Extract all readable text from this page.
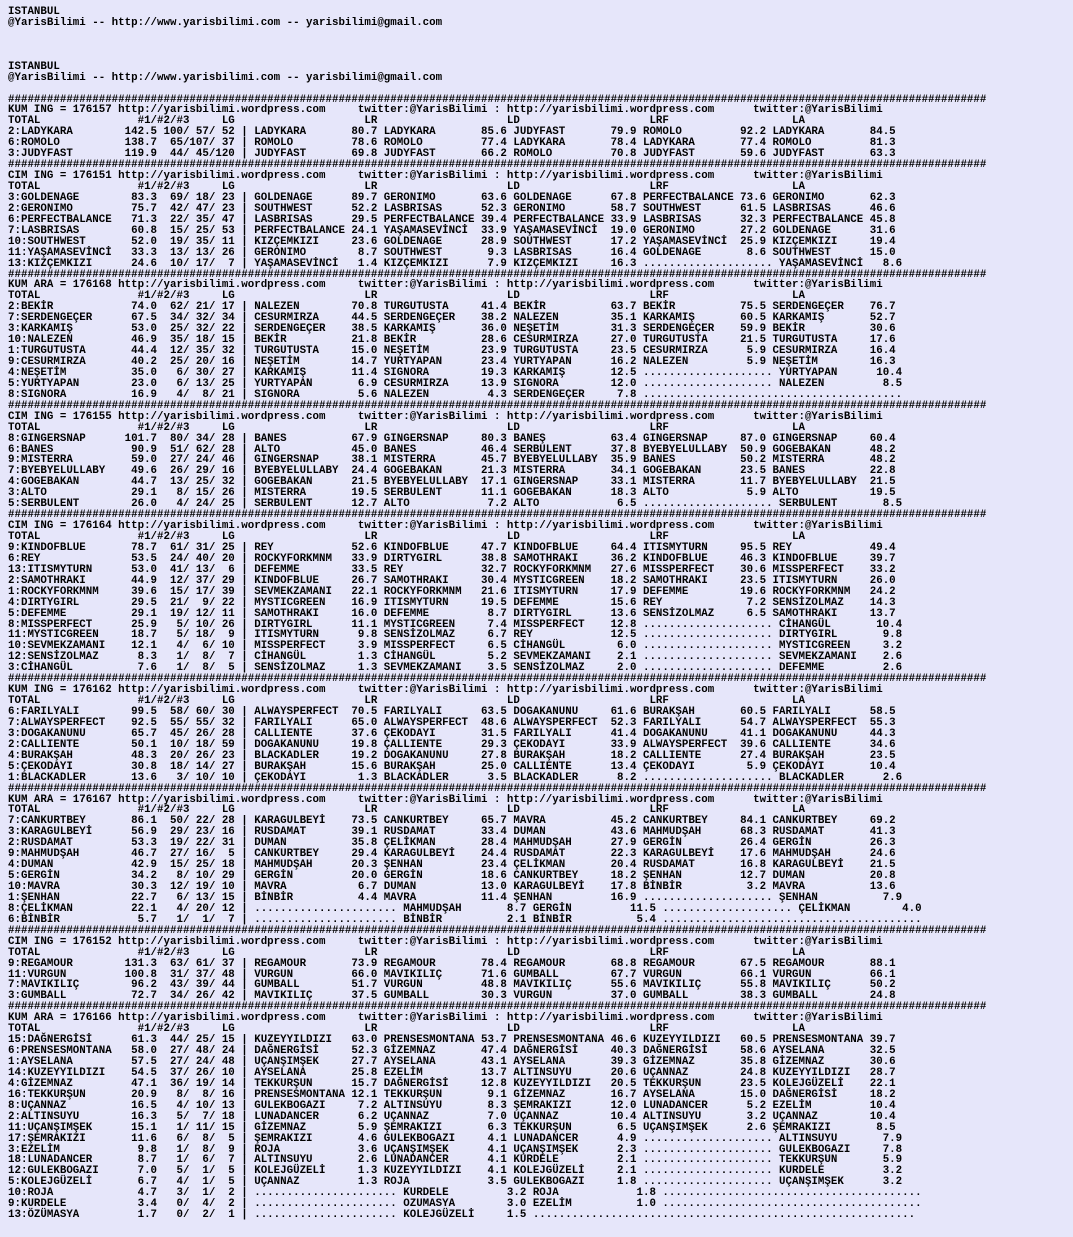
ISTANBUL
@YarisBilimi -- http://www.yarisbilimi.com -- yarisbilimi@gmail.com

ISTANBUL
@YarisBilimi -- http://www.yarisbilimi.com -- yarisbilimi@gmail.com

#######################################################################################################################################################
KUM ING = 176157 http://yarisbilimi.wordpress.com     twitter:@YarisBilimi : http://yarisbilimi.wordpress.com      twitter:@YarisBilimi
TOTAL               #1/#2/#3     LG                    LR                    LD                    LRF                   LA
2:LADYKARA        142.5 100/ 57/ 52 | LADYKARA       80.7 LADYKARA       85.6 JUDYFAST       79.9 ROMOLO         92.2 LADYKARA       84.5
6:ROMOLO          138.7  65/107/ 37 | ROMOLO         78.6 ROMOLO         77.4 LADYKARA       78.4 LADYKARA       77.4 ROMOLO         81.3
3:JUDYFAST        119.9  44/ 45/120 | JUDYFAST       69.8 JUDYFAST       66.2 ROMOLO         70.8 JUDYFAST       59.6 JUDYFAST       63.3
#######################################################################################################################################################
CIM ING = 176151 http://yarisbilimi.wordpress.com     twitter:@YarisBilimi : http://yarisbilimi.wordpress.com      twitter:@YarisBilimi
TOTAL               #1/#2/#3     LG                    LR                    LD                    LRF                   LA
3:GOLDENAGE        83.3  69/ 18/ 23 | GOLDENAGE      89.7 GERONIMO       63.6 GOLDENAGE      67.8 PERFECTBALANCE 73.6 GERONIMO       62.3
2:GERONIMO         75.7  42/ 47/ 23 | SOUTHWEST      52.2 LASBRISAS      52.3 GERONIMO       58.7 SOUTHWEST      61.5 LASBRISAS      46.6
6:PERFECTBALANCE   71.3  22/ 35/ 47 | LASBRISAS      29.5 PERFECTBALANCE 39.4 PERFECTBALANCE 33.9 LASBRISAS      32.3 PERFECTBALANCE 45.8
7:LASBRISAS        60.8  15/ 25/ 53 | PERFECTBALANCE 24.1 YAŞAMASEVİNCİ  33.9 YAŞAMASEVİNCİ  19.0 GERONIMO       27.2 GOLDENAGE      31.6
10:SOUTHWEST       52.0  19/ 35/ 11 | KIZÇEMKIZI     23.6 GOLDENAGE      28.9 SOUTHWEST      17.2 YAŞAMASEVİNCİ  25.9 KIZÇEMKIZI     19.4
11:YAŞAMASEVİNCİ   33.3  13/ 13/ 26 | GERONIMO        8.7 SOUTHWEST       9.3 LASBRISAS      16.4 GOLDENAGE       8.6 SOUTHWEST      15.0
13:KIZÇEMKIZI      24.6  10/ 17/  7 | YAŞAMASEVİNCİ   1.4 KIZÇEMKIZI      7.9 KIZÇEMKIZI     16.3 .................... YAŞAMASEVİNCİ   8.6
#######################################################################################################################################################
KUM ARA = 176168 http://yarisbilimi.wordpress.com     twitter:@YarisBilimi : http://yarisbilimi.wordpress.com      twitter:@YarisBilimi
TOTAL               #1/#2/#3     LG                    LR                    LD                    LRF                   LA
2:BEKİR            74.0  62/ 21/ 17 | NALEZEN        70.8 TURGUTUSTA     41.4 BEKİR          63.7 BEKİR          75.5 SERDENGEÇER    76.7
7:SERDENGEÇER      67.5  34/ 32/ 34 | CESURMIRZA     44.5 SERDENGEÇER    38.2 NALEZEN        35.1 KARKAMIŞ       60.5 KARKAMIŞ       52.7
3:KARKAMIŞ         53.0  25/ 32/ 22 | SERDENGEÇER    38.5 KARKAMIŞ       36.0 NEŞETİM        31.3 SERDENGEÇER    59.9 BEKİR          30.6
10:NALEZEN         46.9  35/ 18/ 15 | BEKİR          21.8 BEKİR          28.6 CESURMIRZA     27.0 TURGUTUSTA     21.5 TURGUTUSTA     17.6
1:TURGUTUSTA       44.4  12/ 35/ 32 | TURGUTUSTA     15.0 NEŞETİM        23.9 TURGUTUSTA     23.5 CESURMIRZA      5.9 CESURMIRZA     16.4
9:CESURMIRZA       40.2  25/ 20/ 16 | NEŞETİM        14.7 YURTYAPAN      23.4 YURTYAPAN      16.2 NALEZEN         5.9 NEŞETİM        16.3
4:NEŞETİM          35.0   6/ 30/ 27 | KARKAMIŞ       11.4 SIGNORA        19.3 KARKAMIŞ       12.5 .................... YURTYAPAN      10.4
5:YURTYAPAN        23.0   6/ 13/ 25 | YURTYAPAN       6.9 CESURMIRZA     13.9 SIGNORA        12.0 .................... NALEZEN         8.5
8:SIGNORA          16.9   4/  8/ 21 | SIGNORA         5.6 NALEZEN         4.3 SERDENGEÇER     7.8 ........................................
#######################################################################################################################################################
CIM ING = 176155 http://yarisbilimi.wordpress.com     twitter:@YarisBilimi : http://yarisbilimi.wordpress.com      twitter:@YarisBilimi
TOTAL               #1/#2/#3     LG                    LR                    LD                    LRF                   LA
8:GINGERSNAP      101.7  80/ 34/ 28 | BANES          67.9 GINGERSNAP     80.3 BANEŞ          63.4 GINGERSNAP     87.0 GINGERSNAP     60.4
6:BANES            90.9  51/ 62/ 28 | ALTO           45.0 BANES          46.4 SERBULENT      37.8 BYEBYELULLABY  50.9 GOGEBAKAN      48.2
9:MISTERRA         59.0  27/ 24/ 46 | GINGERSNAP     38.1 MISTERRA       45.7 BYEBYELULLABY  35.9 BANES          50.2 MISTERRA       48.2
7:BYEBYELULLABY    49.6  26/ 29/ 16 | BYEBYELULLABY  24.4 GOGEBAKAN      21.3 MISTERRA       34.1 GOGEBAKAN      23.5 BANES          22.8
4:GOGEBAKAN        44.7  13/ 25/ 32 | GOGEBAKAN      21.5 BYEBYELULLABY  17.1 GINGERSNAP     33.1 MISTERRA       11.7 BYEBYELULLABY  21.5
3:ALTO             29.1   8/ 15/ 26 | MISTERRA       19.5 SERBULENT      11.1 GOGEBAKAN      18.3 ALTO            5.9 ALTO           19.5
5:SERBULENT        26.0   4/ 24/ 25 | SERBULENT      12.7 ALTO            7.2 ALTO            6.5 .................... SERBULENT       8.5
#######################################################################################################################################################
CIM ING = 176164 http://yarisbilimi.wordpress.com     twitter:@YarisBilimi : http://yarisbilimi.wordpress.com      twitter:@YarisBilimi
TOTAL               #1/#2/#3     LG                    LR                    LD                    LRF                   LA
9:KINDOFBLUE       78.7  61/ 31/ 25 | REY            52.6 KINDOFBLUE     47.7 KINDOFBLUE     64.4 ITISMYTURN     95.5 REY            49.4
6:REY              53.5  24/ 40/ 20 | ROCKYFORKMNM   33.9 DIRTYGIRL      38.8 SAMOTHRAKI     36.2 KINDOFBLUE     46.3 KINDOFBLUE     39.7
13:ITISMYTURN      53.0  41/ 13/  6 | DEFEMME        33.5 REY            32.7 ROCKYFORKMNM   27.6 MISSPERFECT    30.6 MISSPERFECT    33.2
2:SAMOTHRAKI       44.9  12/ 37/ 29 | KINDOFBLUE     26.7 SAMOTHRAKI     30.4 MYSTICGREEN    18.2 SAMOTHRAKI     23.5 ITISMYTURN     26.0
1:ROCKYFORKMNM     39.6  15/ 17/ 39 | SEVMEKZAMANI   22.1 ROCKYFORKMNM   21.6 ITISMYTURN     17.9 DEFEMME        19.6 ROCKYFORKMNM   24.2
4:DIRTYGIRL        29.5  21/  9/ 22 | MYSTICGREEN    16.9 ITISMYTURN     19.5 DEFEMME        15.6 REY             7.2 SENSİZOLMAZ    14.3
5:DEFEMME          29.1  19/ 12/ 11 | SAMOTHRAKI     16.0 DEFEMME         8.7 DIRTYGIRL      13.6 SENSİZOLMAZ     6.5 SAMOTHRAKI     13.7
8:MISSPERFECT      25.9   5/ 10/ 26 | DIRTYGIRL      11.1 MYSTICGREEN     7.4 MISSPERFECT    12.8 .................... CİHANGÜL       10.4
11:MYSTICGREEN     18.7   5/ 18/  9 | ITISMYTURN      9.8 SENSİZOLMAZ     6.7 REY            12.5 .................... DIRTYGIRL       9.8
10:SEVMEKZAMANI    12.1   4/  6/ 10 | MISSPERFECT     3.9 MISSPERFECT     6.5 CİHANGÜL        6.0 .................... MYSTICGREEN     3.2
12:SENSİZOLMAZ      8.3   1/  8/  7 | CİHANGÜL        1.3 CİHANGÜL        5.2 SEVMEKZAMANI    2.1 .................... SEVMEKZAMANI    2.6
3:CİHANGÜL          7.6   1/  8/  5 | SENSİZOLMAZ     1.3 SEVMEKZAMANI    3.5 SENSİZOLMAZ     2.0 .................... DEFEMME         2.6
#######################################################################################################################################################
KUM ING = 176162 http://yarisbilimi.wordpress.com     twitter:@YarisBilimi : http://yarisbilimi.wordpress.com      twitter:@YarisBilimi
TOTAL               #1/#2/#3     LG                    LR                    LD                    LRF                   LA
6:FARILYALI        99.5  58/ 60/ 30 | ALWAYSPERFECT  70.5 FARILYALI      63.5 DOGAKANUNU     61.6 BURAKŞAH       60.5 FARILYALI      58.5
7:ALWAYSPERFECT    92.5  55/ 55/ 32 | FARILYALI      65.0 ALWAYSPERFECT  48.6 ALWAYSPERFECT  52.3 FARILYALI      54.7 ALWAYSPERFECT  55.3
3:DOGAKANUNU       65.7  45/ 26/ 28 | CALLIENTE      37.6 ÇEKODAYI       31.5 FARILYALI      41.4 DOGAKANUNU     41.1 DOGAKANUNU     44.3
2:CALLIENTE        50.1  10/ 18/ 59 | DOGAKANUNU     19.8 ÇALLIENTE      29.3 ÇEKODAYI       33.9 ALWAYSPERFECT  39.6 CALLIENTE      34.6
4:BURAKŞAH         48.3  20/ 26/ 23 | BLACKADLER     19.2 DOGAKANUNU     27.8 BURAKŞAH       18.2 CALLIENTE      27.4 BURAKŞAH       23.5
5:ÇEKODAYI         30.8  18/ 14/ 27 | BURAKŞAH       15.6 BURAKŞAH       25.0 CALLIENTE      13.4 ÇEKODAYI        5.9 ÇEKODAYI       10.4
1:BLACKADLER       13.6   3/ 10/ 10 | ÇEKODAYI        1.3 BLACKADLER      3.5 BLACKADLER      8.2 .................... BLACKADLER      2.6
#######################################################################################################################################################
KUM ARA = 176167 http://yarisbilimi.wordpress.com     twitter:@YarisBilimi : http://yarisbilimi.wordpress.com      twitter:@YarisBilimi
TOTAL               #1/#2/#3     LG                    LR                    LD                    LRF                   LA
7:CANKURTBEY       86.1  50/ 22/ 28 | KARAGULBEYİ    73.5 CANKURTBEY     65.7 MAVRA          45.2 CANKURTBEY     84.1 CANKURTBEY     69.2
3:KARAGULBEYİ      56.9  29/ 23/ 16 | RUSDAMAT       39.1 RUSDAMAT       33.4 DUMAN          43.6 MAHMUDŞAH      68.3 RUSDAMAT       41.3
2:RUSDAMAT         53.3  19/ 22/ 31 | DUMAN          35.8 ÇELİKMAN       28.4 MAHMUDŞAH      27.9 GERGİN         26.4 GERGİN         26.3
9:MAHMUDŞAH        46.7  27/ 16/  5 | CANKURTBEY     29.4 KARAGULBEYİ    24.4 RUSDAMAT       22.3 KARAGULBEYİ    17.6 MAHMUDŞAH      24.6
4:DUMAN            42.9  15/ 25/ 18 | MAHMUDŞAH      20.3 ŞENHAN         23.4 ÇELİKMAN       20.4 RUSDAMAT       16.8 KARAGULBEYİ    21.5
5:GERGİN           34.2   8/ 10/ 29 | GERGİN         20.0 GERGİN         18.6 CANKURTBEY     18.2 ŞENHAN         12.7 DUMAN          20.8
10:MAVRA           30.3  12/ 19/ 10 | MAVRA           6.7 DUMAN          13.0 KARAGULBEYİ    17.8 BİNBİR          3.2 MAVRA          13.6
1:ŞENHAN           22.7   6/ 13/ 15 | BİNBİR          4.4 MAVRA          11.4 ŞENHAN         16.9 .................... ŞENHAN          7.9
8:ÇELİKMAN         22.1   4/ 20/ 12 | ...................... MAHMUDŞAH       8.7 GERGİN         11.5 .................... ÇELİKMAN        4.0
6:BİNBİR            5.7   1/  1/  7 | ...................... BİNBİR          2.1 BİNBİR          5.4 ........................................
#######################################################################################################################################################
CIM ING = 176152 http://yarisbilimi.wordpress.com     twitter:@YarisBilimi : http://yarisbilimi.wordpress.com      twitter:@YarisBilimi
TOTAL               #1/#2/#3     LG                    LR                    LD                    LRF                   LA
9:REGAMOUR        131.3  63/ 61/ 37 | REGAMOUR       73.9 REGAMOUR       78.4 REGAMOUR       68.8 REGAMOUR       67.5 REGAMOUR       88.1
11:VURGUN         100.8  31/ 37/ 48 | VURGUN         66.0 MAVIKILIÇ      71.6 GUMBALL        67.7 VURGUN         66.1 VURGUN         66.1
7:MAVIKILIÇ        96.2  43/ 39/ 44 | GUMBALL        51.7 VURGUN         48.8 MAVIKILIÇ      55.6 MAVIKILIÇ      55.8 MAVIKILIÇ      50.2
3:GUMBALL          72.7  34/ 26/ 42 | MAVIKILIÇ      37.5 GUMBALL        30.3 VURGUN         37.0 GUMBALL        38.3 GUMBALL        24.8
#######################################################################################################################################################
KUM ARA = 176166 http://yarisbilimi.wordpress.com     twitter:@YarisBilimi : http://yarisbilimi.wordpress.com      twitter:@YarisBilimi
TOTAL               #1/#2/#3     LG                    LR                    LD                    LRF                   LA
15:DAĞNERGİSİ      61.3  44/ 25/ 15 | KUZEYYILDIZI   63.0 PRENSESMONTANA 53.7 PRENSESMONTANA 46.6 KUZEYYILDIZI   60.5 PRENSESMONTANA 39.7
6:PRENSESMONTANA   58.0  27/ 48/ 24 | DAĞNERGİSİ     52.3 GİZEMNAZ       47.4 DAĞNERGİSİ     40.3 DAĞNERGİSİ     58.6 AYSELANA       32.5
1:AYSELANA         57.5  27/ 24/ 48 | UÇANŞIMŞEK     27.7 AYSELANA       43.1 AYSELANA       39.3 GİZEMNAZ       35.8 GİZEMNAZ       30.6
14:KUZEYYILDIZI    54.5  37/ 26/ 10 | AYSELANA       25.8 EZELİM         13.7 ALTINSUYU      20.6 UÇANNAZ        24.8 KUZEYYILDIZI   28.7
4:GİZEMNAZ         47.1  36/ 19/ 14 | TEKKURŞUN      15.7 DAĞNERGİSİ     12.8 KUZEYYILDIZI   20.5 TEKKURŞUN      23.5 KOLEJGÜZELİ    22.1
16:TEKKURŞUN       20.9   8/  8/ 16 | PRENSESMONTANA 12.1 TEKKURŞUN       9.1 GİZEMNAZ       16.7 AYSELANA       15.0 DAĞNERGİSİ     18.2
8:UÇANNAZ          16.5   4/ 10/ 13 | GULEKBOGAZI     7.2 ALTINSUYU       8.3 ŞEMRAKIZI      12.0 LUNADANCER      5.2 EZELİM         10.4
2:ALTINSUYU        16.3   5/  7/ 18 | LUNADANCER      6.2 UÇANNAZ         7.0 UÇANNAZ        10.4 ALTINSUYU       3.2 UÇANNAZ        10.4
11:UÇANŞIMŞEK      15.1   1/ 11/ 15 | GİZEMNAZ        5.9 ŞEMRAKIZI       6.3 TEKKURŞUN       6.5 UÇANŞIMŞEK      2.6 ŞEMRAKIZI       8.5
17:ŞEMRAKIZI       11.6   6/  8/  5 | ŞEMRAKIZI       4.6 GULEKBOGAZI     4.1 LUNADANCER      4.9 .................... ALTINSUYU       7.9
3:EZELİM            9.8   1/  8/  9 | ROJA            3.6 UÇANŞIMŞEK      4.1 UÇANŞIMŞEK      2.3 .................... GULEKBOGAZI     7.8
18:LUNADANCER       8.7   1/  6/  7 | ALTINSUYU       2.6 LUNADANCER      4.1 KURDELE         2.1 .................... TEKKURŞUN       5.9
12:GULEKBOGAZI      7.0   5/  1/  5 | KOLEJGÜZELİ     1.3 KUZEYYILDIZI    4.1 KOLEJGÜZELİ     2.1 .................... KURDELE         3.2
5:KOLEJGÜZELİ       6.7   4/  1/  5 | UÇANNAZ         1.3 ROJA            3.5 GULEKBOGAZI     1.8 .................... UÇANŞIMŞEK      3.2
10:ROJA             4.7   3/  1/  2 | ...................... KURDELE         3.2 ROJA            1.8 ........................................
9:KURDELE           3.4   0/  4/  2 | ...................... OZUMASYA        3.0 EZELİM          1.0 ........................................
13:ÖZÜMASYA         1.7   0/  2/  1 | ...................... KOLEJGÜZELİ     1.5 ...........................................................
